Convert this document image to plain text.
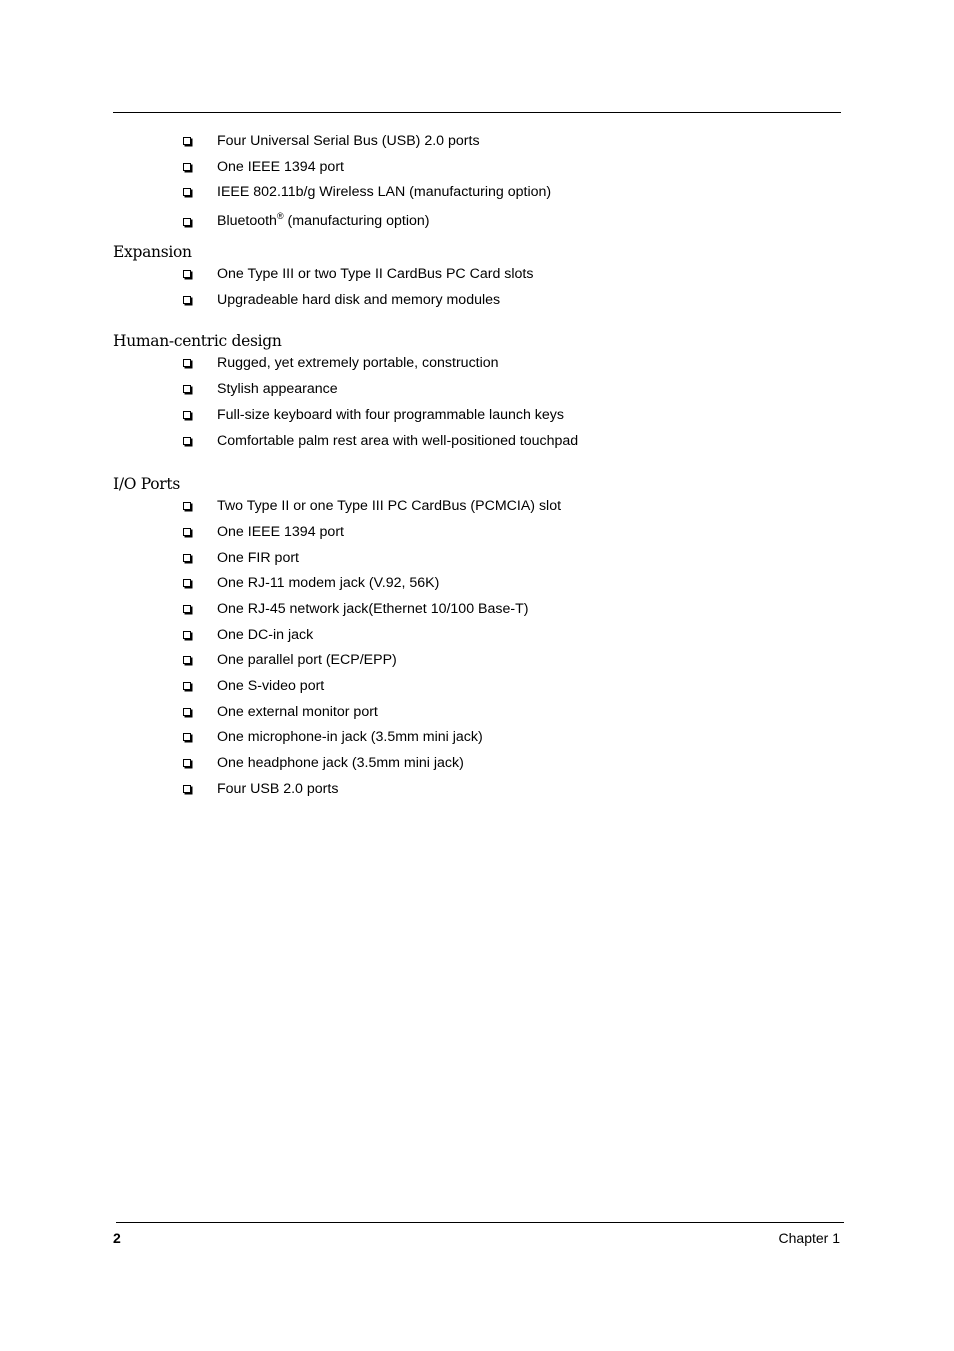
Four Universal Serial Bus (USB) 2.0 ports
One IEEE 1394 port
IEEE 802.11b/g Wireless LAN (manufacturing option)
Bluetooth® (manufacturing option)
Expansion
One Type III or two Type II CardBus PC Card slots
Upgradeable hard disk and memory modules
Human-centric design
Rugged, yet extremely portable, construction
Stylish appearance
Full-size keyboard with four programmable launch keys
Comfortable palm rest area with well-positioned touchpad
I/O Ports
Two Type II or one Type III PC CardBus (PCMCIA) slot
One IEEE 1394 port
One FIR port
One RJ-11 modem jack (V.92, 56K)
One RJ-45 network jack(Ethernet 10/100 Base-T)
One DC-in jack
One parallel port (ECP/EPP)
One S-video port
One external monitor port
One microphone-in jack (3.5mm mini jack)
One headphone jack (3.5mm mini jack)
Four USB 2.0 ports
2	Chapter 1
